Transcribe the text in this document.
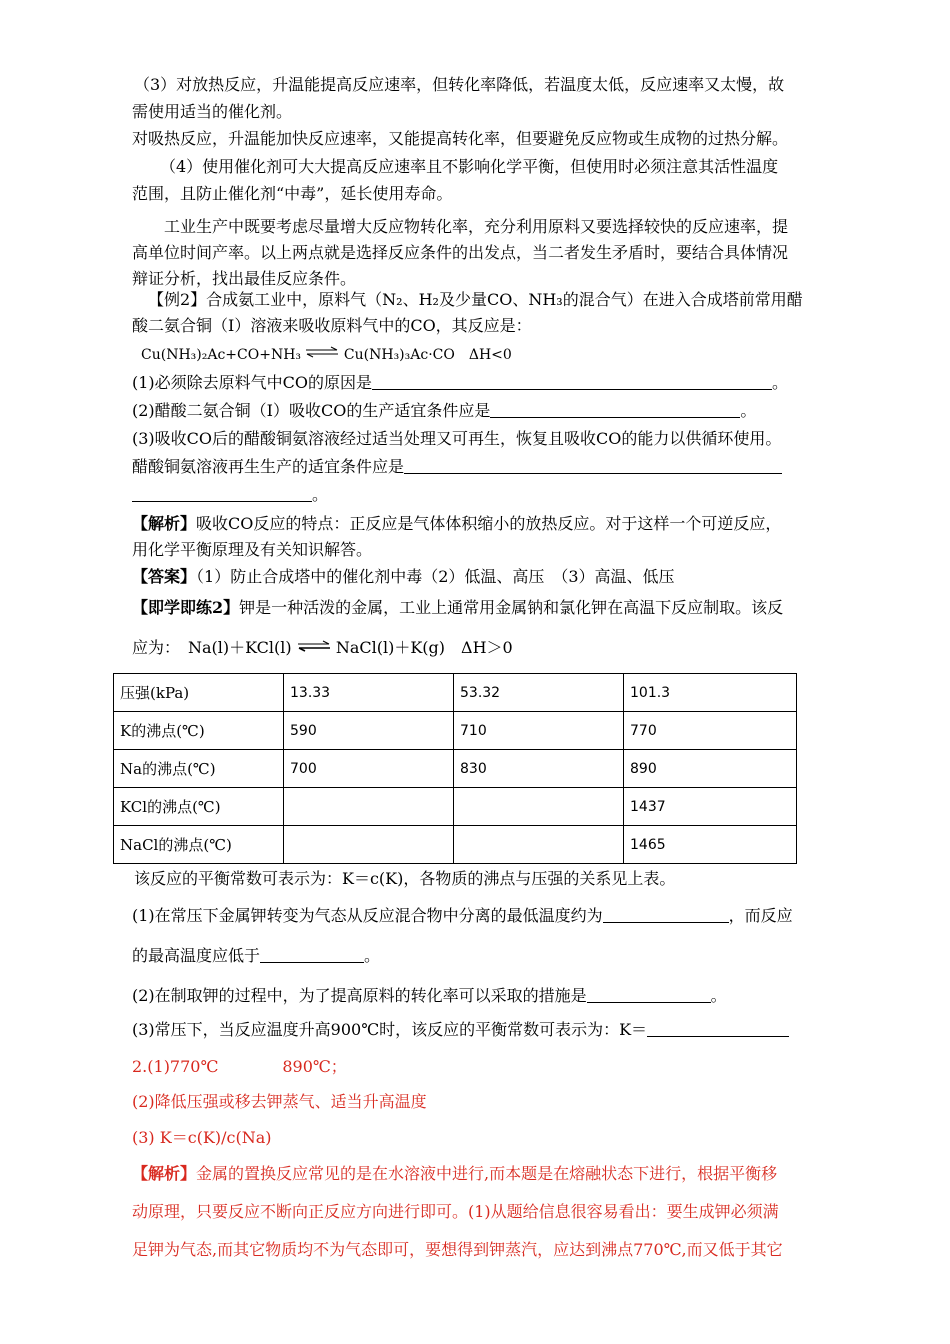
（3）对放热反应，升温能提高反应速率，但转化率降低，若温度太低，反应速率又太慢，故
需使用适当的催化剂。
对吸热反应，升温能加快反应速率，又能提高转化率，但要避免反应物或生成物的过热分解。
（4）使用催化剂可大大提高反应速率且不影响化学平衡，但使用时必须注意其活性温度
范围，且防止催化剂“中毒”，延长使用寿命。
工业生产中既要考虑尽量增大反应物转化率，充分利用原料又要选择较快的反应速率，提
高单位时间产率。以上两点就是选择反应条件的出发点，当二者发生矛盾时，要结合具体情况
辩证分析，找出最佳反应条件。
【例2】合成氨工业中，原料气（N₂、H₂及少量CO、NH₃的混合气）在进入合成塔前常用醋
酸二氨合铜（Ⅰ）溶液来吸收原料气中的CO，其反应是：
Cu(NH₃)₂Ac+CO+NH₃ ⇌ Cu(NH₃)₃Ac·CO　ΔH<0
(1)必须除去原料气中CO的原因是	。
(2)醋酸二氨合铜（Ⅰ）吸收CO的生产适宜条件应是	。
(3)吸收CO后的醋酸铜氨溶液经过适当处理又可再生，恢复且吸收CO的能力以供循环使用。
醋酸铜氨溶液再生生产的适宜条件应是
。
【解析】吸收CO反应的特点：正反应是气体体积缩小的放热反应。对于这样一个可逆反应，
用化学平衡原理及有关知识解答。
【答案】（1）防止合成塔中的催化剂中毒（2）低温、高压　（3）高温、低压
【即学即练2】钾是一种活泼的金属，工业上通常用金属钠和氯化钾在高温下反应制取。该反
应为：　Na(l)＋KCl(l) ⇌ NaCl(l)＋K(g)　ΔH＞0
压强(kPa)	13.33	53.32	101.3
K的沸点(℃)	590	710	770
Na的沸点(℃)	700	830	890
KCl的沸点(℃)			1437
NaCl的沸点(℃)			1465
该反应的平衡常数可表示为：K＝c(K)，各物质的沸点与压强的关系见上表。
(1)在常压下金属钾转变为气态从反应混合物中分离的最低温度约为	，而反应
的最高温度应低于	。
(2)在制取钾的过程中，为了提高原料的转化率可以采取的措施是	。
(3)常压下，当反应温度升高900℃时，该反应的平衡常数可表示为：K＝
2.(1)770℃　　　　890℃；
(2)降低压强或移去钾蒸气、适当升高温度
(3) K＝c(K)/c(Na)
【解析】金属的置换反应常见的是在水溶液中进行,而本题是在熔融状态下进行，根据平衡移
动原理，只要反应不断向正反应方向进行即可。(1)从题给信息很容易看出：要生成钾必须满
足钾为气态,而其它物质均不为气态即可，要想得到钾蒸汽，应达到沸点770℃,而又低于其它
